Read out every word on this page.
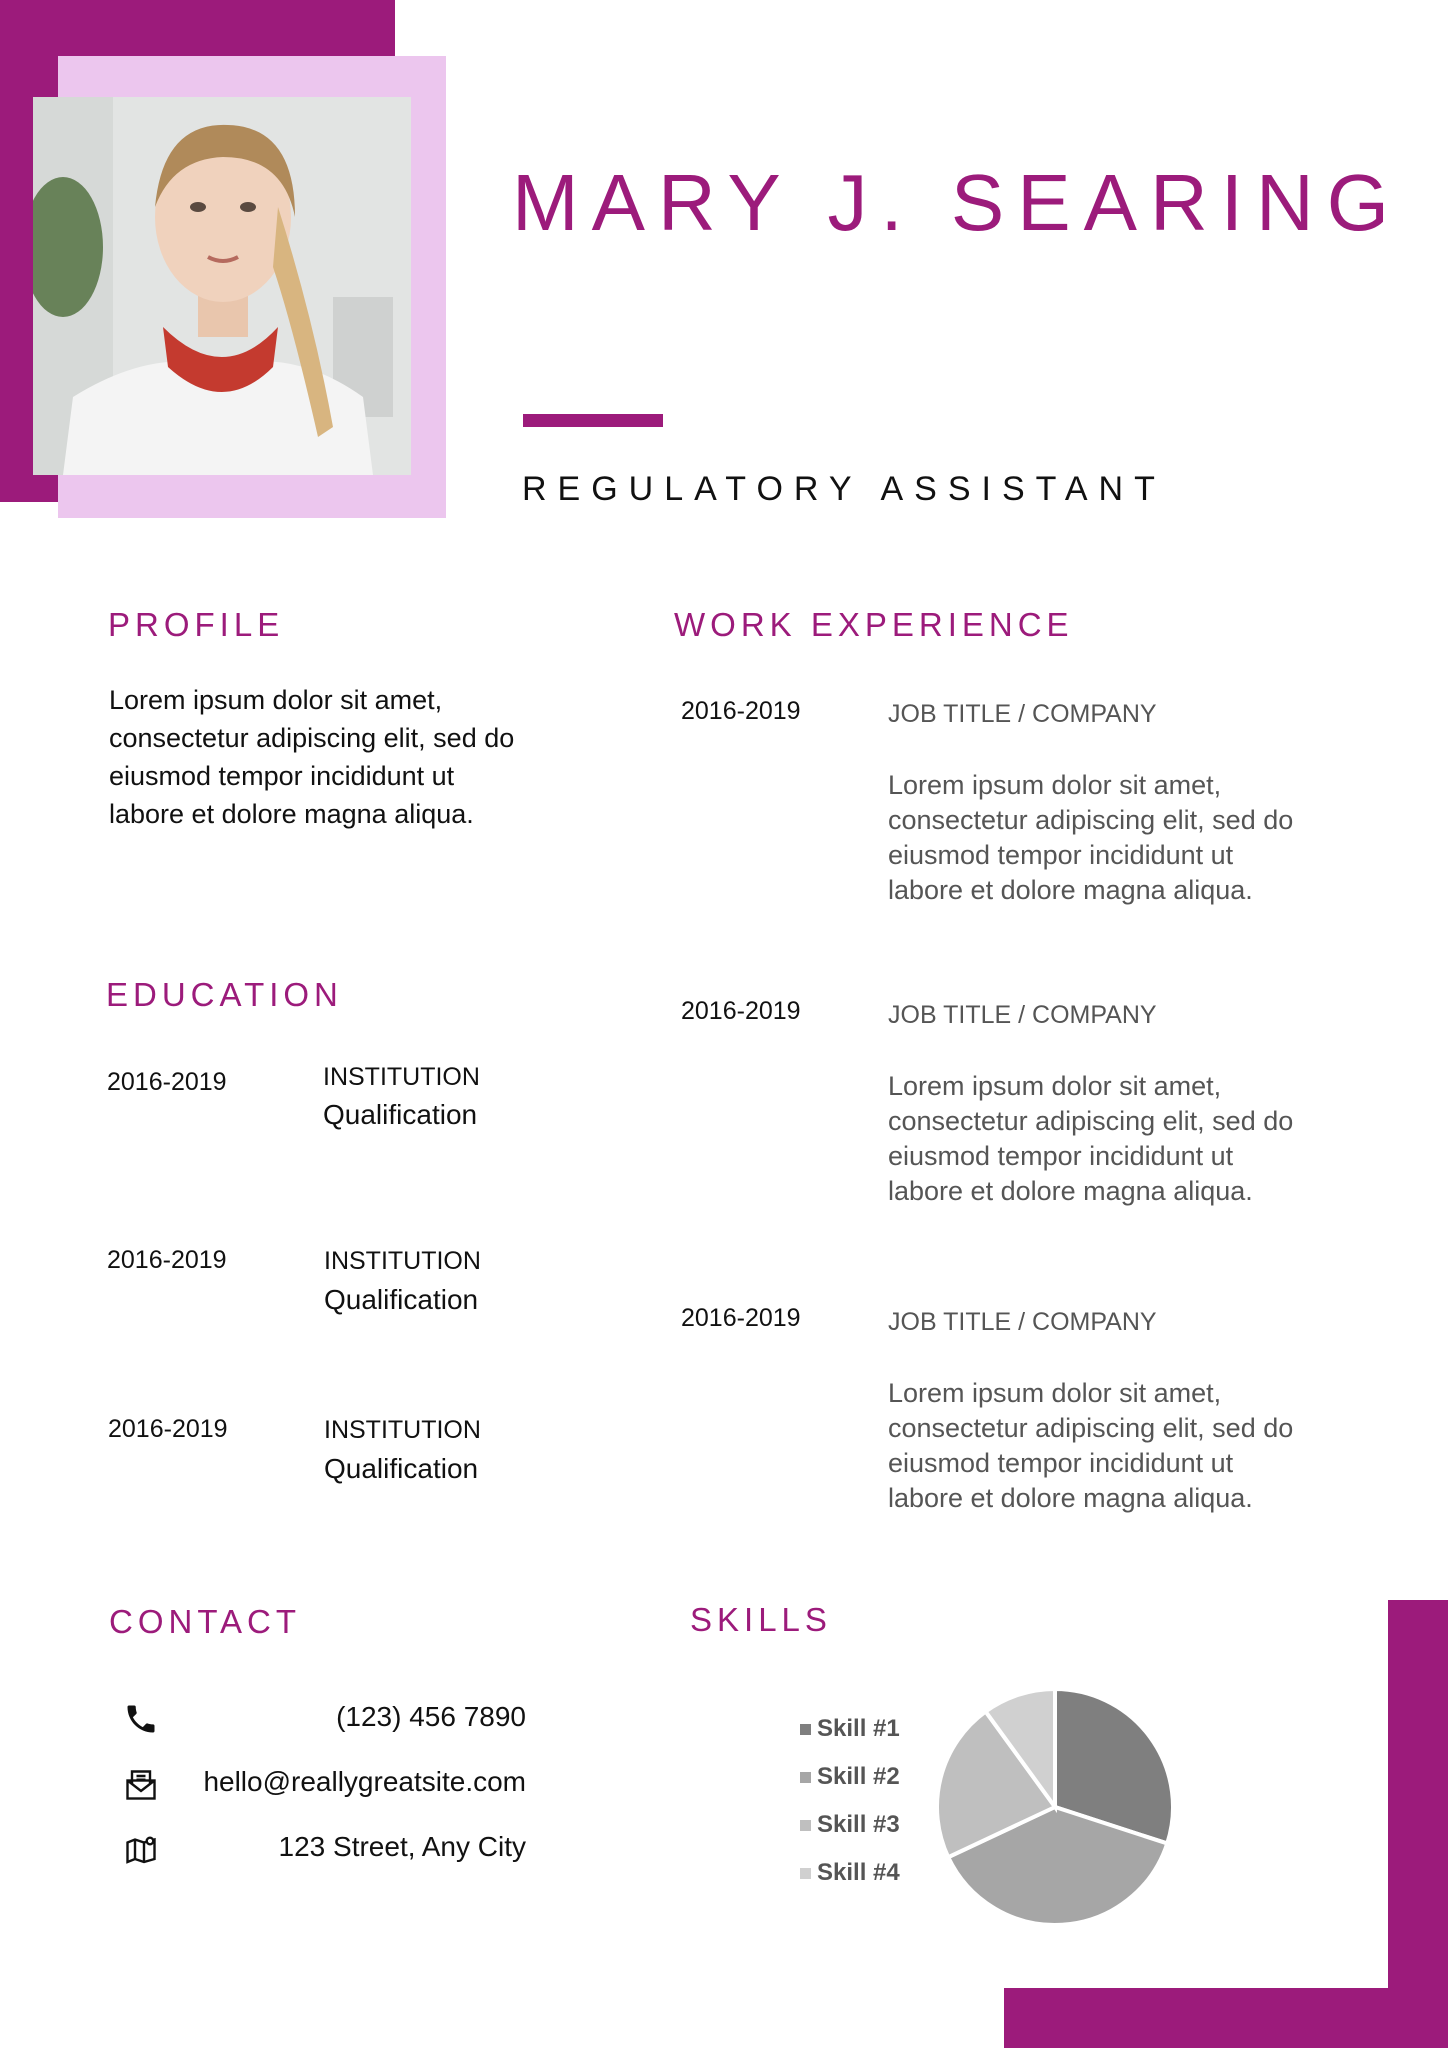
MARY J. SEARING
REGULATORY ASSISTANT
PROFILE
Lorem ipsum dolor sit amet,
consectetur adipiscing elit, sed do
eiusmod tempor incididunt ut
labore et dolore magna aliqua.
EDUCATION
2016-2019	INSTITUTION
Qualification
2016-2019	INSTITUTION
Qualification
2016-2019	INSTITUTION
Qualification
WORK EXPERIENCE
2016-2019	JOB TITLE / COMPANY
Lorem ipsum dolor sit amet,
consectetur adipiscing elit, sed do
eiusmod tempor incididunt ut
labore et dolore magna aliqua.
2016-2019	JOB TITLE / COMPANY
Lorem ipsum dolor sit amet,
consectetur adipiscing elit, sed do
eiusmod tempor incididunt ut
labore et dolore magna aliqua.
2016-2019	JOB TITLE / COMPANY
Lorem ipsum dolor sit amet,
consectetur adipiscing elit, sed do
eiusmod tempor incididunt ut
labore et dolore magna aliqua.
CONTACT
(123) 456 7890
hello@reallygreatsite.com
123 Street, Any City
SKILLS
Skill #1
Skill #2
Skill #3
Skill #4
